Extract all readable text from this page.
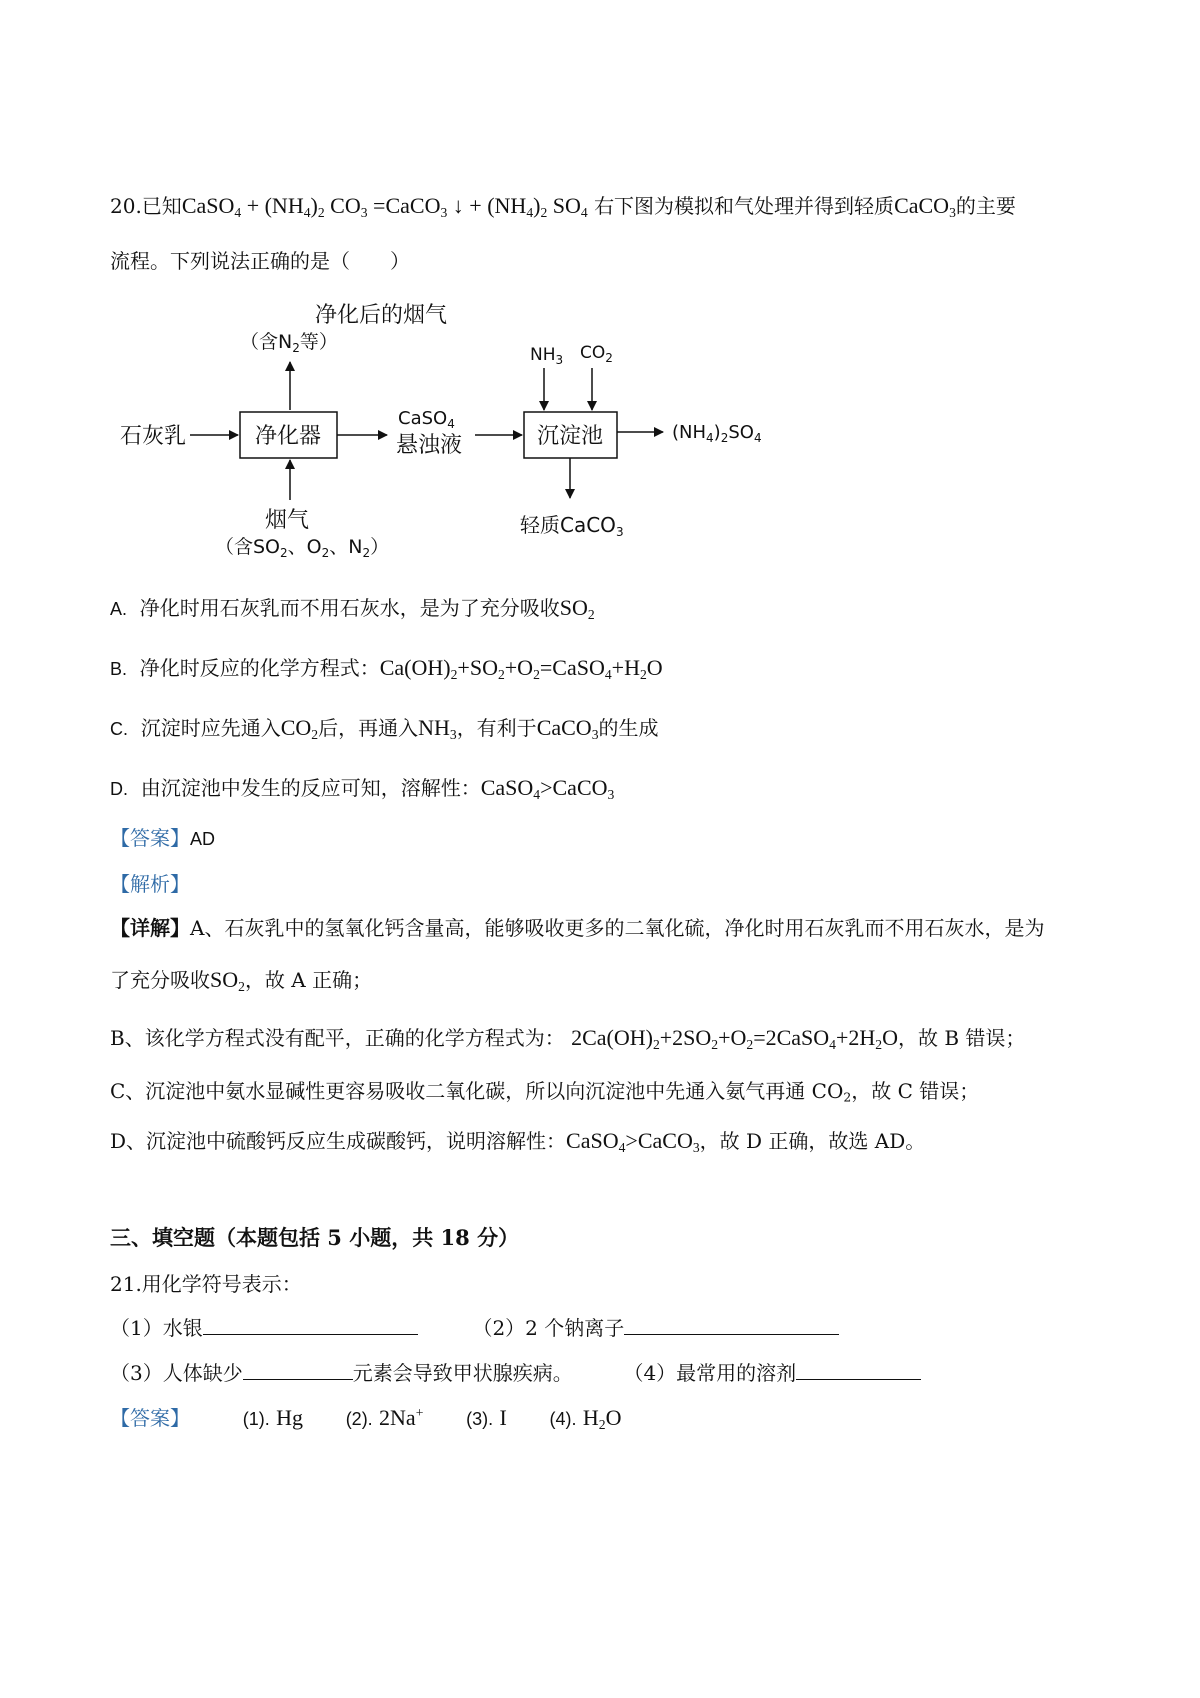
20.已知CaSO$_4$ + $(NH_4)_2$ $CO_3$ =CaCO$_3$ ↓ + $(NH_4)_2$ $SO_4$ 右下图为模拟和气处理并得到轻质CaCO$_3$的主要
流程。下列说法正确的是（　　）
净化后的烟气
（含$N_2$等）
石灰乳	净化器
CaSO$_4$
悬浊液
$NH_3$ $CO_2$
沉淀池	$(NH_4)_2SO_4$
烟气
（含$SO_2$、$O_2$、$N_2$）
轻质CaCO$_3$
A. 净化时用石灰乳而不用石灰水，是为了充分吸收$SO_2$
B. 净化时反应的化学方程式：$Ca(OH)_2+SO_2+O_2=CaSO_4+H_2O$
C. 沉淀时应先通入$CO_2$后，再通入$NH_3$，有利于CaCO$_3$的生成
D. 由沉淀池中发生的反应可知，溶解性：CaSO$_4$>CaCO$_3$
【答案】AD
【解析】
【详解】A、石灰乳中的氢氧化钙含量高，能够吸收更多的二氧化硫，净化时用石灰乳而不用石灰水，是为
了充分吸收$SO_2$，故 A 正确；
B、该化学方程式没有配平，正确的化学方程式为： $2Ca(OH)_2+2SO_2+O_2=2CaSO_4+2H_2O$，故 B 错误；
C、沉淀池中氨水显碱性更容易吸收二氧化碳，所以向沉淀池中先通入氨气再通 $CO_2$，故 C 错误；
D、沉淀池中硫酸钙反应生成碳酸钙，说明溶解性：CaSO$_4$>CaCO$_3$，故 D 正确，故选 AD。
三、填空题（本题包括 5 小题，共 18 分）
21.用化学符号表示：
（1）水银	（2）2 个钠离子
（3）人体缺少	元素会导致甲状腺疾病。	（4）最常用的溶剂
【答案】	(1). Hg (2). 2Na+ (3). I (4). $H_2O$
